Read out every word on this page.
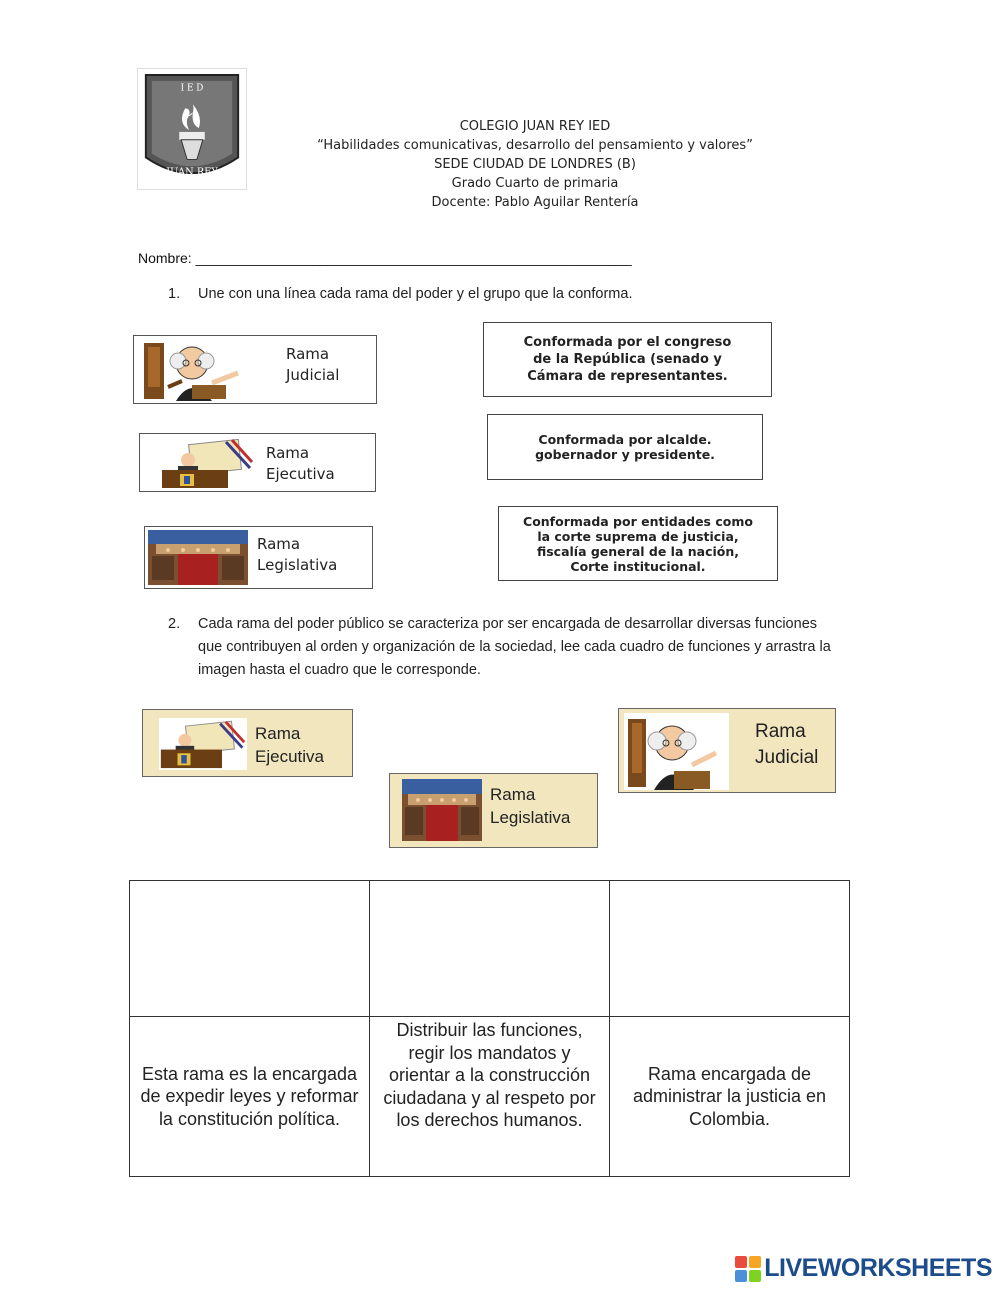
I E D
JUAN REY
COLEGIO JUAN REY IED
“Habilidades comunicativas, desarrollo del pensamiento y valores”
SEDE CIUDAD DE LONDRES (B)
Grado Cuarto de primaria
Docente: Pablo Aguilar Rentería
Nombre: ________________________________________________________
1. Une con una línea cada rama del poder y el grupo que la conforma.
Rama
Judicial
Rama
Ejecutiva
Rama
Legislativa
Conformada por el congreso
de la República (senado y
Cámara de representantes.
Conformada por alcalde.
gobernador y presidente.
Conformada por entidades como
la corte suprema de justicia,
fiscalía general de la nación,
Corte institucional.
2. Cada rama del poder público se caracteriza por ser encargada de desarrollar diversas funciones que contribuyen al orden y organización de la sociedad, lee cada cuadro de funciones y arrastra la imagen hasta el cuadro que le corresponde.
Rama
Ejecutiva
Rama
Judicial
Rama
Legislativa

Esta rama es la encargada de expedir leyes y reformar la constitución política.	Distribuir las funciones, regir los mandatos y orientar a la construcción ciudadana y al respeto por los derechos humanos.	Rama encargada de administrar la justicia en Colombia.
LIVEWORKSHEETS
